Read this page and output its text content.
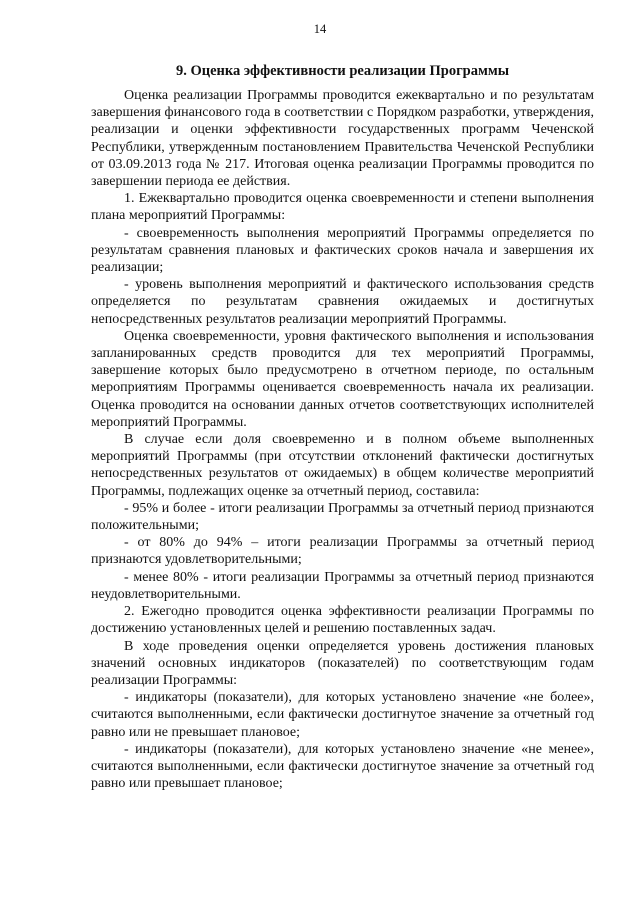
14
9. Оценка эффективности реализации Программы

Оценка реализации Программы проводится ежеквартально и по результатам завершения финансового года в соответствии с Порядком разработки, утверждения, реализации и оценки эффективности государственных программ Чеченской Республики, утвержденным постановлением Правительства Чеченской Республики от 03.09.2013 года № 217. Итоговая оценка реализации Программы проводится по завершении периода ее действия.

1. Ежеквартально проводится оценка своевременности и степени выполнения плана мероприятий Программы:

- своевременность выполнения мероприятий Программы определяется по результатам сравнения плановых и фактических сроков начала и завершения их реализации;

- уровень выполнения мероприятий и фактического использования средств определяется по результатам сравнения ожидаемых и достигнутых непосредственных результатов реализации мероприятий Программы.

Оценка своевременности, уровня фактического выполнения и использования запланированных средств проводится для тех мероприятий Программы, завершение которых было предусмотрено в отчетном периоде, по остальным мероприятиям Программы оценивается своевременность начала их реализации. Оценка проводится на основании данных отчетов соответствующих исполнителей мероприятий Программы.

В случае если доля своевременно и в полном объеме выполненных мероприятий Программы (при отсутствии отклонений фактически достигнутых непосредственных результатов от ожидаемых) в общем количестве мероприятий Программы, подлежащих оценке за отчетный период, составила:

- 95% и более - итоги реализации Программы за отчетный период признаются положительными;

- от 80% до 94% – итоги реализации Программы за отчетный период признаются удовлетворительными;

- менее 80% - итоги реализации Программы за отчетный период признаются неудовлетворительными.

2. Ежегодно проводится оценка эффективности реализации Программы по достижению установленных целей и решению поставленных задач.

В ходе проведения оценки определяется уровень достижения плановых значений основных индикаторов (показателей) по соответствующим годам реализации Программы:

- индикаторы (показатели), для которых установлено значение «не более», считаются выполненными, если фактически достигнутое значение за отчетный год равно или не превышает плановое;

- индикаторы (показатели), для которых установлено значение «не менее», считаются выполненными, если фактически достигнутое значение за отчетный год равно или превышает плановое;
